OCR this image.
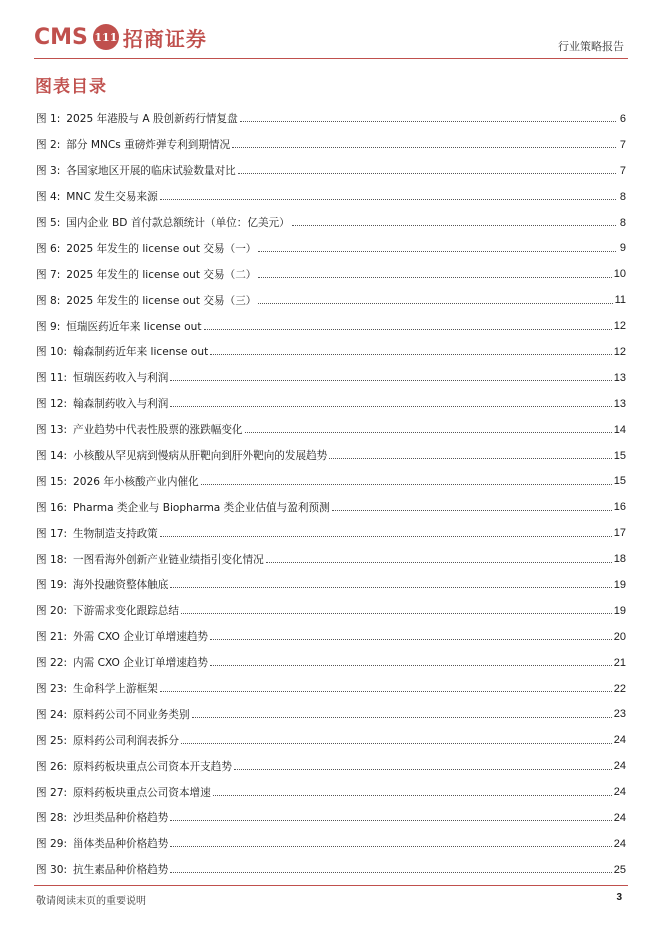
CMS 111 招商证券	行业策略报告
图表目录
图 1: 2025 年港股与 A 股创新药行情复盘	6
图 2: 部分 MNCs 重磅炸弹专利到期情况	7
图 3: 各国家地区开展的临床试验数量对比	7
图 4: MNC 发生交易来源	8
图 5: 国内企业 BD 首付款总额统计（单位：亿美元）	8
图 6: 2025 年发生的 license out 交易（一）	9
图 7: 2025 年发生的 license out 交易（二）	10
图 8: 2025 年发生的 license out 交易（三）	11
图 9: 恒瑞医药近年来 license out	12
图 10: 翰森制药近年来 license out	12
图 11: 恒瑞医药收入与利润	13
图 12: 翰森制药收入与利润	13
图 13: 产业趋势中代表性股票的涨跌幅变化	14
图 14: 小核酸从罕见病到慢病从肝靶向到肝外靶向的发展趋势	15
图 15: 2026 年小核酸产业内催化	15
图 16: Pharma 类企业与 Biopharma 类企业估值与盈利预测	16
图 17: 生物制造支持政策	17
图 18: 一图看海外创新产业链业绩指引变化情况	18
图 19: 海外投融资整体触底	19
图 20: 下游需求变化跟踪总结	19
图 21: 外需 CXO 企业订单增速趋势	20
图 22: 内需 CXO 企业订单增速趋势	21
图 23: 生命科学上游框架	22
图 24: 原料药公司不同业务类别	23
图 25: 原料药公司利润表拆分	24
图 26: 原料药板块重点公司资本开支趋势	24
图 27: 原料药板块重点公司资本增速	24
图 28: 沙坦类品种价格趋势	24
图 29: 甾体类品种价格趋势	24
图 30: 抗生素品种价格趋势	25
敬请阅读末页的重要说明	3
